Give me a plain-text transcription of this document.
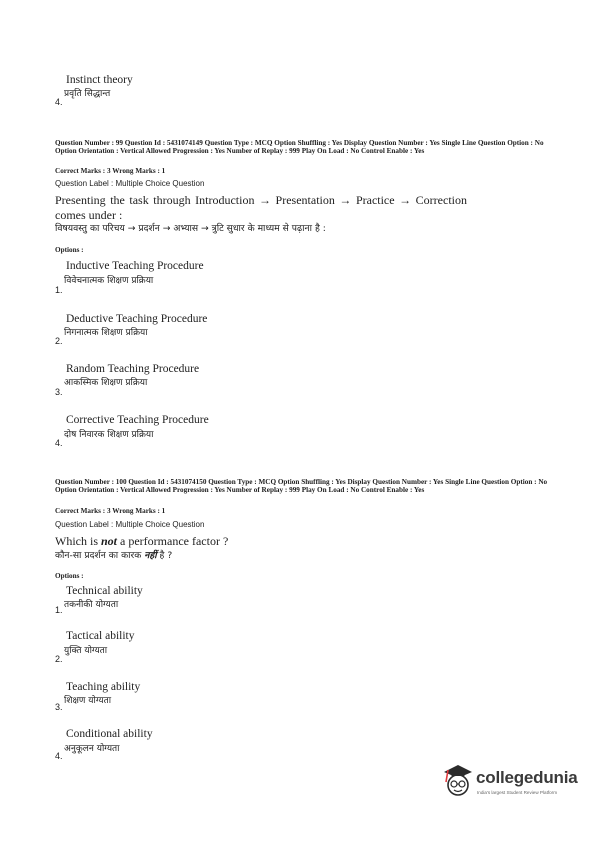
Instinct theory
प्रवृति सिद्धान्त
4.
Question Number : 99 Question Id : 5431074149 Question Type : MCQ Option Shuffling : Yes Display Question Number : Yes Single Line Question Option : No Option Orientation : Vertical Allowed Progression : Yes Number of Replay : 999 Play On Load : No Control Enable : Yes
Correct Marks : 3 Wrong Marks : 1
Question Label : Multiple Choice Question
Presenting the task through Introduction → Presentation → Practice → Correction comes under :
विषयवस्तु का परिचय → प्रदर्शन → अभ्यास → त्रुटि सुधार के माध्यम से पढ़ाना है :
Options :
Inductive Teaching Procedure
विवेचनात्मक शिक्षण प्रक्रिया
1.
Deductive Teaching Procedure
निगनात्मक शिक्षण प्रक्रिया
2.
Random Teaching Procedure
आकस्मिक शिक्षण प्रक्रिया
3.
Corrective Teaching Procedure
दोष निवारक शिक्षण प्रक्रिया
4.
Question Number : 100 Question Id : 5431074150 Question Type : MCQ Option Shuffling : Yes Display Question Number : Yes Single Line Question Option : No Option Orientation : Vertical Allowed Progression : Yes Number of Replay : 999 Play On Load : No Control Enable : Yes
Correct Marks : 3 Wrong Marks : 1
Question Label : Multiple Choice Question
Which is not a performance factor ?
कौन-सा प्रदर्शन का कारक नहीं है ?
Options :
Technical ability
तकनीकी योग्यता
1.
Tactical ability
युक्ति योग्यता
2.
Teaching ability
शिक्षण योग्यता
3.
Conditional ability
अनुकूलन योग्यता
4.
collegedunia
India's largest Student Review Platform
